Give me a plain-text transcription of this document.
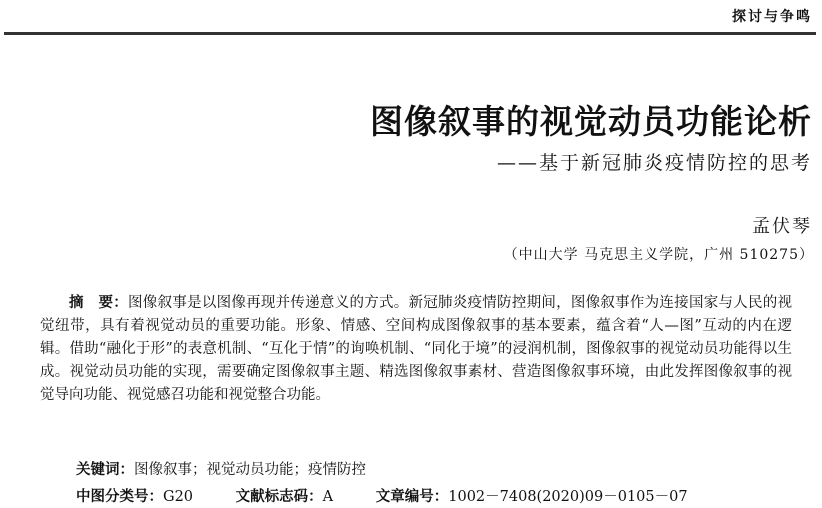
探讨与争鸣
图像叙事的视觉动员功能论析
——基于新冠肺炎疫情防控的思考
孟伏琴
（中山大学 马克思主义学院，广州 510275）
摘　要：图像叙事是以图像再现并传递意义的方式。新冠肺炎疫情防控期间，图像叙事作为连接国家与人民的视觉纽带，具有着视觉动员的重要功能。形象、情感、空间构成图像叙事的基本要素，蕴含着“人—图”互动的内在逻辑。借助“融化于形”的表意机制、“互化于情”的询唤机制、“同化于境”的浸润机制，图像叙事的视觉动员功能得以生成。视觉动员功能的实现，需要确定图像叙事主题、精选图像叙事素材、营造图像叙事环境，由此发挥图像叙事的视觉导向功能、视觉感召功能和视觉整合功能。
关键词：图像叙事；视觉动员功能；疫情防控
中图分类号：G20	文献标志码：A	文章编号：1002－7408(2020)09－0105－07
